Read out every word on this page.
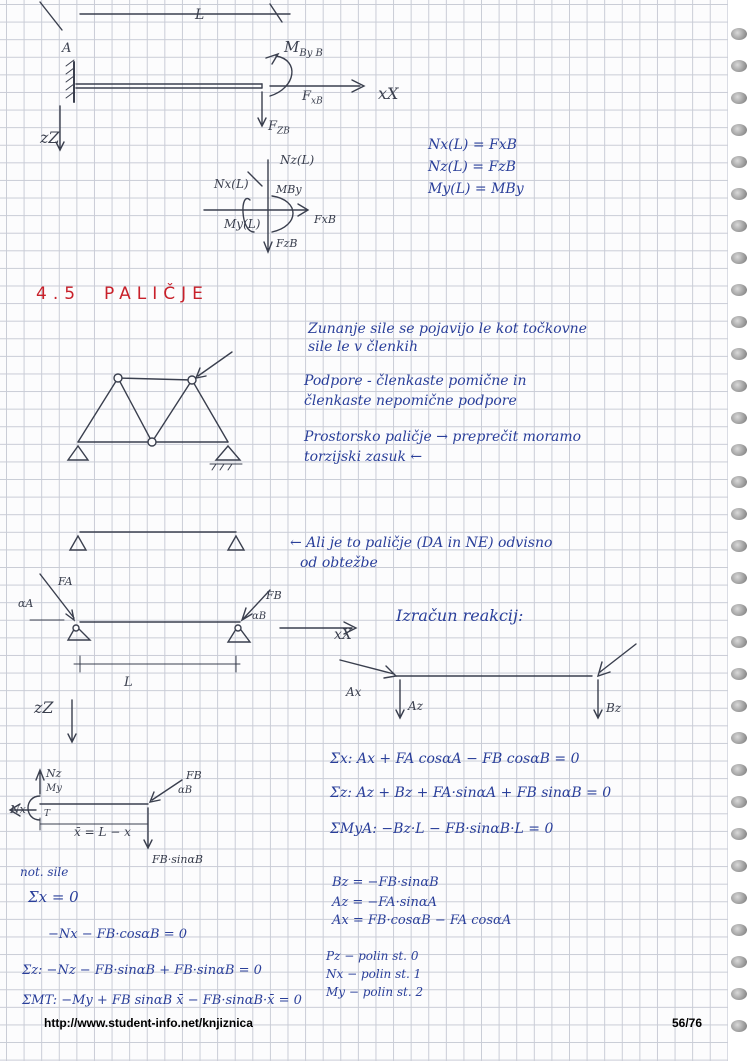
L
A	$M_{By B}$
$F_{xB}$	xX
zZ
$F_{ZB}$
Nz(L)
Nx(L) MBy
My(L)	FxB
FzB
Nx(L) = FxB
Nz(L) = FzB
My(L) = MBy
4.5 PALIČJE
Zunanje sile se pojavijo le kot točkovne
sile le v členkih
Podpore - členkaste pomične in
členkaste nepomične podpore
Prostorsko paličje → preprečit moramo
torzijski zasuk ←
← Ali je to paličje (DA in NE) odvisno
od obtežbe
FA
FB
αA
αB
xX
L
zZ
Izračun reakcij:
Ax
Az	Bz
Σx: Ax + FA cosαA − FB cosαB = 0
Σz: Az + Bz + FA·sinαA + FB sinαB = 0
ΣMyA: −Bz·L − FB·sinαB·L = 0
Bz = −FB·sinαB
Az = −FA·sinαA
Ax = FB·cosαB − FA cosαA
Pz − polin st. 0
Nx − polin st. 1
My − polin st. 2
Nz
My
Nx T
FB
αB
x̄ = L − x
FB·sinαB
not. sile
Σx = 0
−Nx − FB·cosαB = 0
Σz: −Nz − FB·sinαB + FB·sinαB = 0
ΣMT: −My + FB sinαB x̄ − FB·sinαB·x̄ = 0
http://www.student-info.net/knjiznica	56/76
